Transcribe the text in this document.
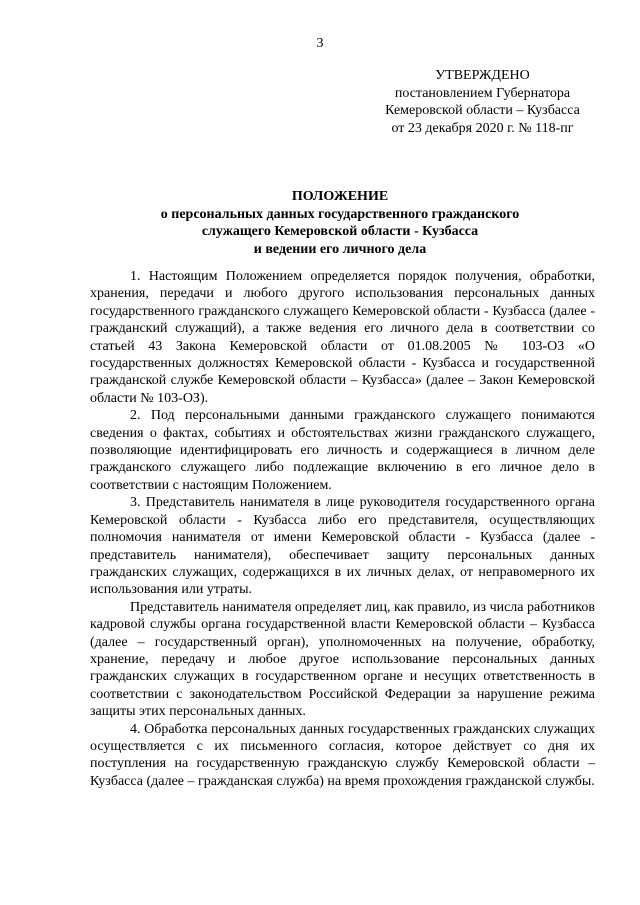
3
УТВЕРЖДЕНО
постановлением Губернатора
Кемеровской области – Кузбасса
от 23 декабря 2020 г. № 118-пг
ПОЛОЖЕНИЕ
о персональных данных государственного гражданского
служащего Кемеровской области - Кузбасса
и ведении его личного дела

1. Настоящим Положением определяется порядок получения, обработки, хранения, передачи и любого другого использования персональных данных государственного гражданского служащего Кемеровской области - Кузбасса (далее - гражданский служащий), а также ведения его личного дела в соответствии со статьей 43 Закона Кемеровской области от 01.08.2005 № 103-ОЗ «О государственных должностях Кемеровской области - Кузбасса и государственной гражданской службе Кемеровской области – Кузбасса» (далее – Закон Кемеровской области № 103-ОЗ).

2. Под персональными данными гражданского служащего понимаются сведения о фактах, событиях и обстоятельствах жизни гражданского служащего, позволяющие идентифицировать его личность и содержащиеся в личном деле гражданского служащего либо подлежащие включению в его личное дело в соответствии с настоящим Положением.

3. Представитель нанимателя в лице руководителя государственного органа Кемеровской области - Кузбасса либо его представителя, осуществляющих полномочия нанимателя от имени Кемеровской области - Кузбасса (далее - представитель нанимателя), обеспечивает защиту персональных данных гражданских служащих, содержащихся в их личных делах, от неправомерного их использования или утраты.

Представитель нанимателя определяет лиц, как правило, из числа работников кадровой службы органа государственной власти Кемеровской области – Кузбасса (далее – государственный орган), уполномоченных на получение, обработку, хранение, передачу и любое другое использование персональных данных гражданских служащих в государственном органе и несущих ответственность в соответствии с законодательством Российской Федерации за нарушение режима защиты этих персональных данных.

4. Обработка персональных данных государственных гражданских служащих осуществляется с их письменного согласия, которое действует со дня их поступления на государственную гражданскую службу Кемеровской области – Кузбасса (далее – гражданская служба) на время прохождения гражданской службы.
